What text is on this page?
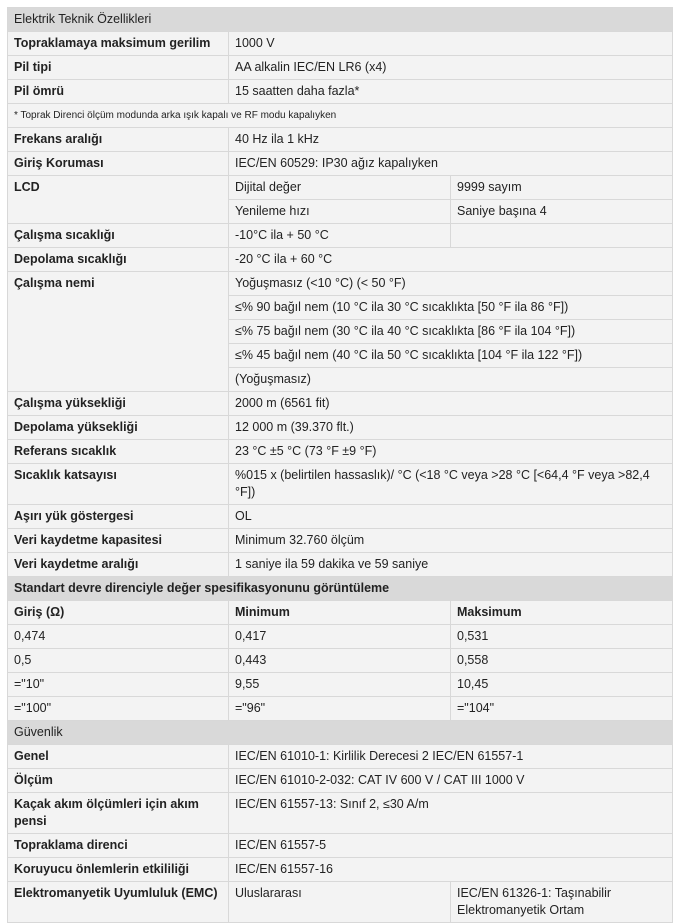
Elektrik Teknik Özellikleri		
Topraklamaya maksimum gerilim	1000 V	
Pil tipi	AA alkalin IEC/EN LR6 (x4)	
Pil ömrü	15 saatten daha fazla*	
* Toprak Direnci ölçüm modunda arka ışık kapalı ve RF modu kapalıyken		
Frekans aralığı	40 Hz ila 1 kHz	
Giriş Koruması	IEC/EN 60529: IP30 ağız kapalıyken	
LCD	Dijital değer	9999 sayım
	Yenileme hızı	Saniye başına 4
Çalışma sıcaklığı	-10°C ila + 50 °C	
Depolama sıcaklığı	-20 °C ila + 60 °C	
Çalışma nemi	Yoğuşmasız (<10 °C) (< 50 °F)	
	≤% 90 bağıl nem (10 °C ila 30 °C sıcaklıkta [50 °F ila 86 °F])	
	≤% 75 bağıl nem (30 °C ila 40 °C sıcaklıkta [86 °F ila 104 °F])	
	≤% 45 bağıl nem (40 °C ila 50 °C sıcaklıkta [104 °F ila 122 °F])	
	(Yoğuşmasız)	
Çalışma yüksekliği	2000 m (6561 fit)	
Depolama yüksekliği	12 000 m (39.370 flt.)	
Referans sıcaklık	23 °C ±5 °C (73 °F ±9 °F)	
Sıcaklık katsayısı	%015 x (belirtilen hassaslık)/ °C (<18 °C veya >28 °C [<64,4 °F veya >82,4 °F])	
Aşırı yük göstergesi	OL	
Veri kaydetme kapasitesi	Minimum 32.760 ölçüm	
Veri kaydetme aralığı	1 saniye ila 59 dakika ve 59 saniye	
Standart devre direnciyle değer spesifikasyonunu görüntüleme		
Giriş (Ω)	Minimum	Maksimum
0,474	0,417	0,531
0,5	0,443	0,558
="10"	9,55	10,45
="100"	="96"	="104"
Güvenlik		
Genel	IEC/EN 61010-1: Kirlilik Derecesi 2 IEC/EN 61557-1	
Ölçüm	IEC/EN 61010-2-032: CAT IV 600 V / CAT III 1000 V	
Kaçak akım ölçümleri için akım pensi	IEC/EN 61557-13: Sınıf 2, ≤30 A/m	
Topraklama direnci	IEC/EN 61557-5	
Koruyucu önlemlerin etkililiği	IEC/EN 61557-16	
Elektromanyetik Uyumluluk (EMC)	Uluslararası	IEC/EN 61326-1: Taşınabilir Elektromanyetik Ortam
